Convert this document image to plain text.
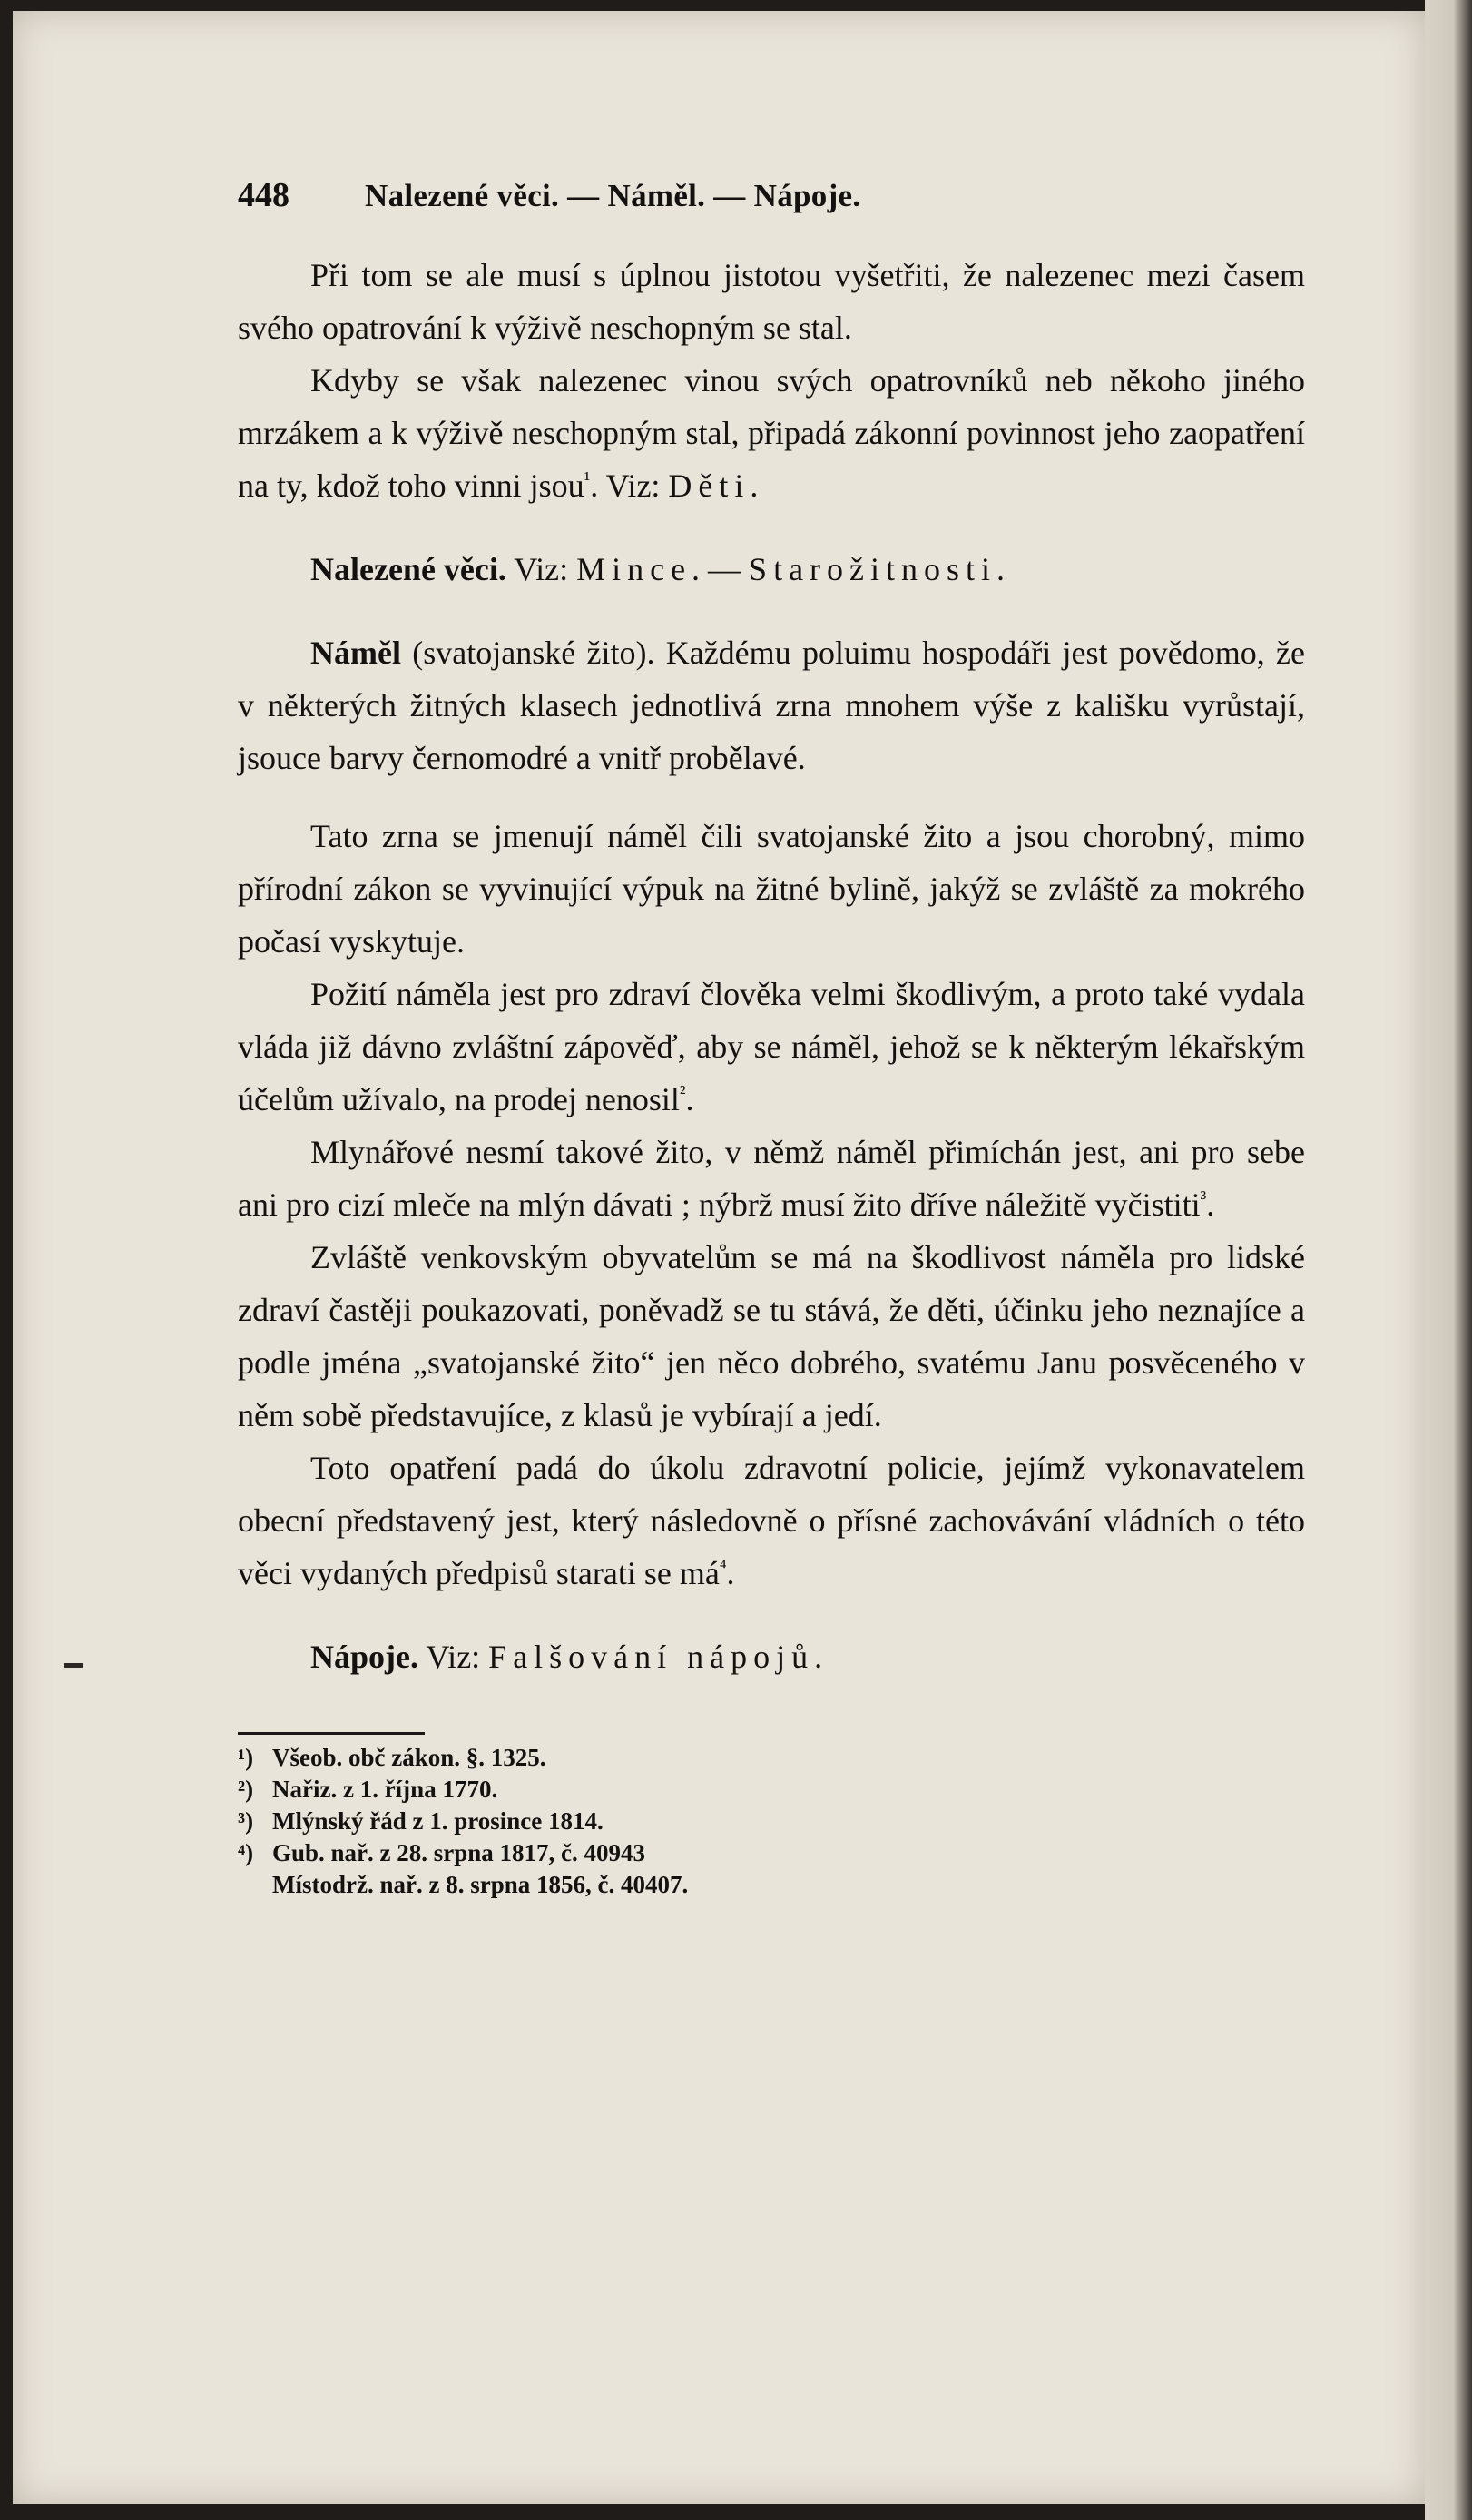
448	Nalezené věci. — Náměl. — Nápoje.

Při tom se ale musí s úplnou jistotou vyšetřiti, že nalezenec mezi časem svého opatrování k výživě neschopným se stal.

Kdyby se však nalezenec vinou svých opatrovníků neb někoho jiného mrzákem a k výživě neschopným stal, připadá zákonní povinnost jeho zaopatření na ty, kdož toho vinni jsou$^{^1}$. Viz: Děti.

Nalezené věci. Viz: Mince. — Starožitnosti.

Náměl (svatojanské žito). Každému poluimu hospodáři jest povědomo, že v některých žitných klasech jednotlivá zrna mnohem výše z kališku vyrůstají, jsouce barvy černomodré a vnitř probělavé.

Tato zrna se jmenují náměl čili svatojanské žito a jsou chorobný, mimo přírodní zákon se vyvinující výpuk na žitné bylině, jakýž se zvláště za mokrého počasí vyskytuje.

Požití náměla jest pro zdraví člověka velmi škodlivým, a proto také vydala vláda již dávno zvláštní zápověď, aby se náměl, jehož se k některým lékařským účelům užívalo, na prodej nenosil$^{^2}$.

Mlynářové nesmí takové žito, v němž náměl přimíchán jest, ani pro sebe ani pro cizí mleče na mlýn dávati ; nýbrž musí žito dříve náležitě vyčistiti$^{^3}$.

Zvláště venkovským obyvatelům se má na škodlivost náměla pro lidské zdraví častěji poukazovati, poněvadž se tu stává, že děti, účinku jeho neznajíce a podle jména „svatojanské žito“ jen něco dobrého, svatému Janu posvěceného v něm sobě představujíce, z klasů je vybírají a jedí.

Toto opatření padá do úkolu zdravotní policie, jejímž vykonavatelem obecní představený jest, který následovně o přísné zachovávání vládních o této věci vydaných předpisů starati se $má^{^4}$.

Nápoje. Viz: Falšování nápojů.

¹) Všeob. obč zákon. §. 1325.
²) Nařiz. z 1. října 1770.
³) Mlýnský řád z 1. prosince 1814.
⁴) Gub. nař. z 28. srpna 1817, č. 40943
Místodrž. nař. z 8. srpna 1856, č. 40407.
